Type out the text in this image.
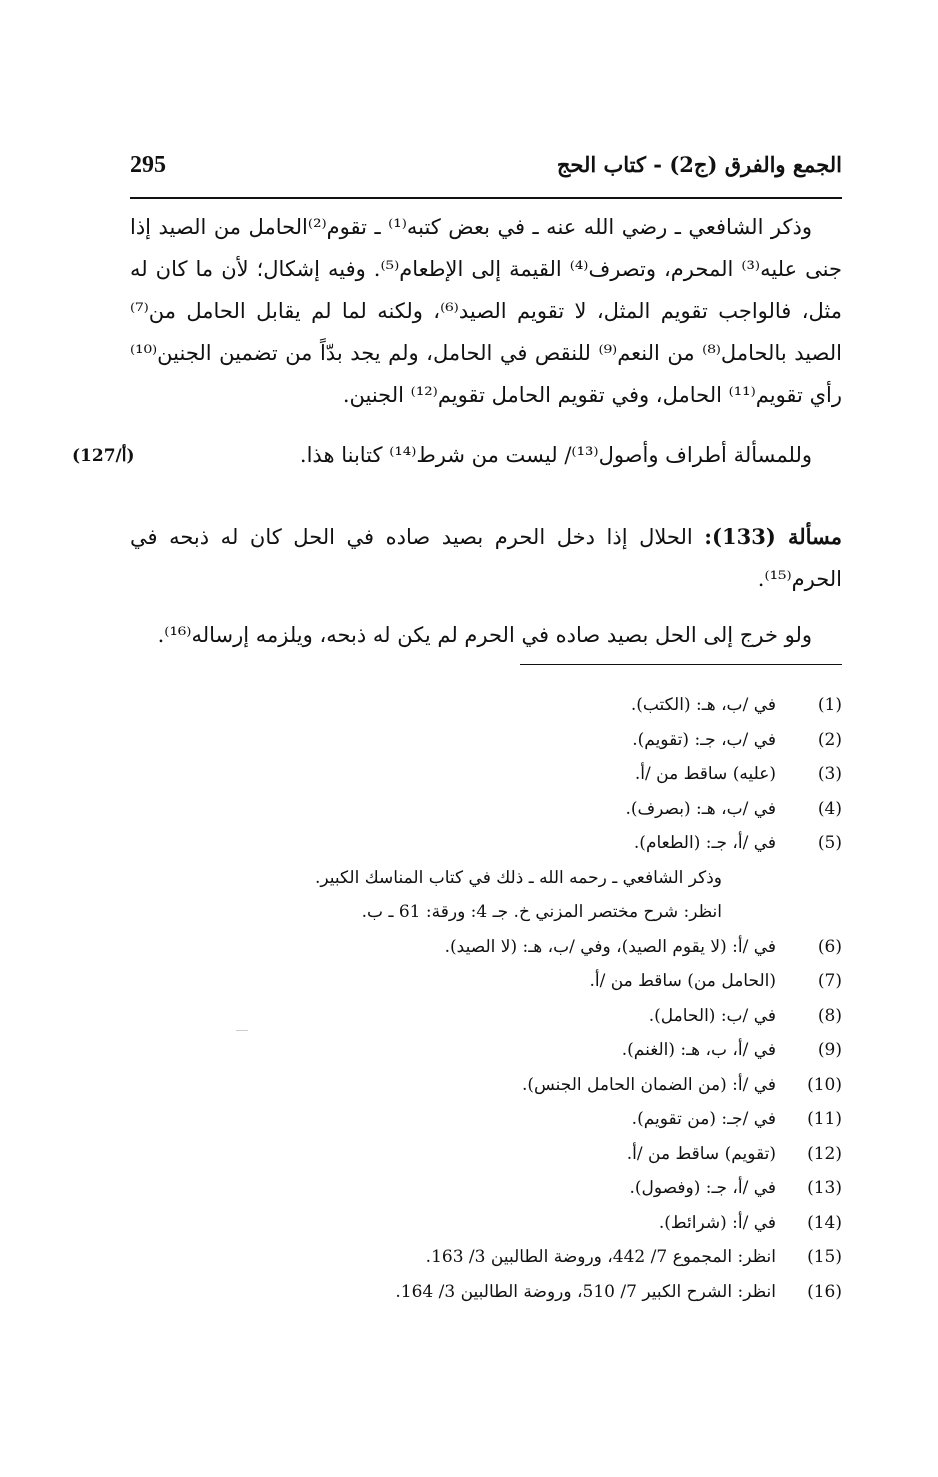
295	الجمع والفرق (ج2) - كتاب الحج
وذكر الشافعي ـ رضي الله عنه ـ في بعض كتبه⁽¹⁾ ـ تقوم⁽²⁾الحامل من الصيد إذا جنى عليه⁽³⁾ المحرم، وتصرف⁽⁴⁾ القيمة إلى الإطعام⁽⁵⁾. وفيه إشكال؛ لأن ما كان له مثل، فالواجب تقويم المثل، لا تقويم الصيد⁽⁶⁾، ولكنه لما لم يقابل الحامل من⁽⁷⁾ الصيد بالحامل⁽⁸⁾ من النعم⁽⁹⁾ للنقص في الحامل، ولم يجد بدّاً من تضمين الجنين⁽¹⁰⁾ رأي تقويم⁽¹¹⁾ الحامل، وفي تقويم الحامل تقويم⁽¹²⁾ الجنين.
وللمسألة أطراف وأصول⁽¹³⁾/ ليست من شرط⁽¹⁴⁾ كتابنا هذا.
(127/أ)
مسألة (133): الحلال إذا دخل الحرم بصيد صاده في الحل كان له ذبحه في الحرم⁽¹⁵⁾.
ولو خرج إلى الحل بصيد صاده في الحرم لم يكن له ذبحه، ويلزمه إرساله⁽¹⁶⁾.
(1)
في /ب، هـ: (الكتب).
(2)
في /ب، جـ: (تقويم).
(3)
(عليه) ساقط من /أ.
(4)
في /ب، هـ: (بصرف).
(5)
في /أ، جـ: (الطعام).
وذكر الشافعي ـ رحمه الله ـ ذلك في كتاب المناسك الكبير.
انظر: شرح مختصر المزني خ. جـ 4: ورقة: 61 ـ ب.
(6)
في /أ: (لا يقوم الصيد)، وفي /ب، هـ: (لا الصيد).
(7)
(الحامل من) ساقط من /أ.
(8)
في /ب: (الحامل).
(9)
في /أ، ب، هـ: (الغنم).
(10)
في /أ: (من الضمان الحامل الجنس).
(11)
في /جـ: (من تقويم).
(12)
(تقويم) ساقط من /أ.
(13)
في /أ، جـ: (وفصول).
(14)
في /أ: (شرائط).
(15)
انظر: المجموع 7/ 442، وروضة الطالبين 3/ 163.
(16)
انظر: الشرح الكبير 7/ 510، وروضة الطالبين 3/ 164.
